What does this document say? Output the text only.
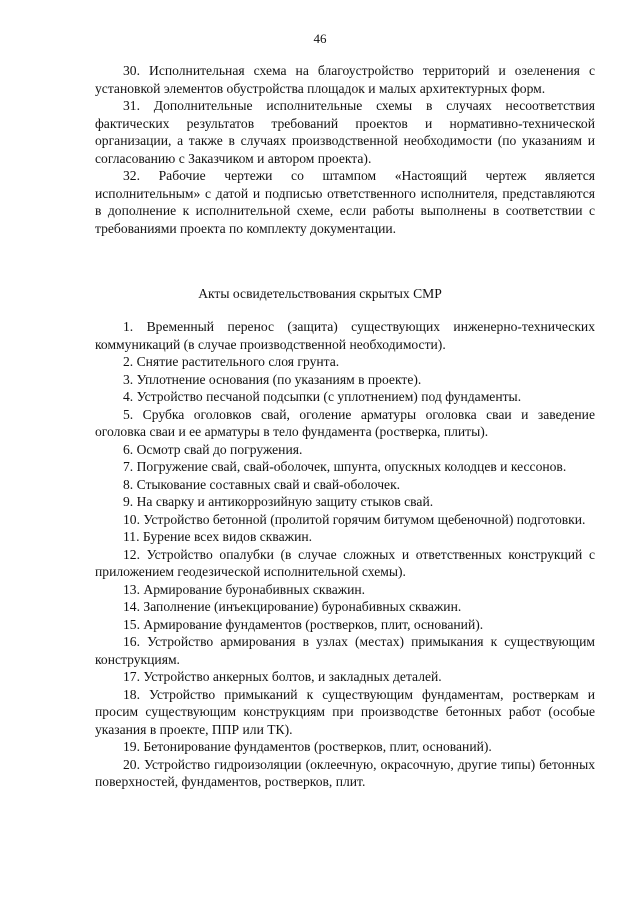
46

30. Исполнительная схема на благоустройство территорий и озеленения с установкой элементов обустройства площадок и малых архитектурных форм.

31. Дополнительные исполнительные схемы в случаях несоответствия фактических результатов требований проектов и нормативно-технической организации, а также в случаях производственной необходимости (по указаниям и согласованию с Заказчиком и автором проекта).

32. Рабочие чертежи со штампом «Настоящий чертеж является исполнительным» с датой и подписью ответственного исполнителя, представляются в дополнение к исполнительной схеме, если работы выполнены в соответствии с требованиями проекта по комплекту документации.

Акты освидетельствования скрытых СМР

1. Временный перенос (защита) существующих инженерно-технических коммуникаций (в случае производственной необходимости).

2. Снятие растительного слоя грунта.

3. Уплотнение основания (по указаниям в проекте).

4. Устройство песчаной подсыпки (с уплотнением) под фундаменты.

5. Срубка оголовков свай, оголение арматуры оголовка сваи и заведение оголовка сваи и ее арматуры в тело фундамента (ростверка, плиты).

6. Осмотр свай до погружения.

7. Погружение свай, свай-оболочек, шпунта, опускных колодцев и кессонов.

8. Стыкование составных свай и свай-оболочек.

9. На сварку и антикоррозийную защиту стыков свай.

10. Устройство бетонной (пролитой горячим битумом щебеночной) подготовки.

11. Бурение всех видов скважин.

12. Устройство опалубки (в случае сложных и ответственных конструкций с приложением геодезической исполнительной схемы).

13. Армирование буронабивных скважин.

14. Заполнение (инъекцирование) буронабивных скважин.

15. Армирование фундаментов (ростверков, плит, оснований).

16. Устройство армирования в узлах (местах) примыкания к существующим конструкциям.

17. Устройство анкерных болтов, и закладных деталей.

18. Устройство примыканий к существующим фундаментам, ростверкам и просим существующим конструкциям при производстве бетонных работ (особые указания в проекте, ППР или ТК).

19. Бетонирование фундаментов (ростверков, плит, оснований).

20. Устройство гидроизоляции (оклеечную, окрасочную, другие типы) бетонных поверхностей, фундаментов, ростверков, плит.
